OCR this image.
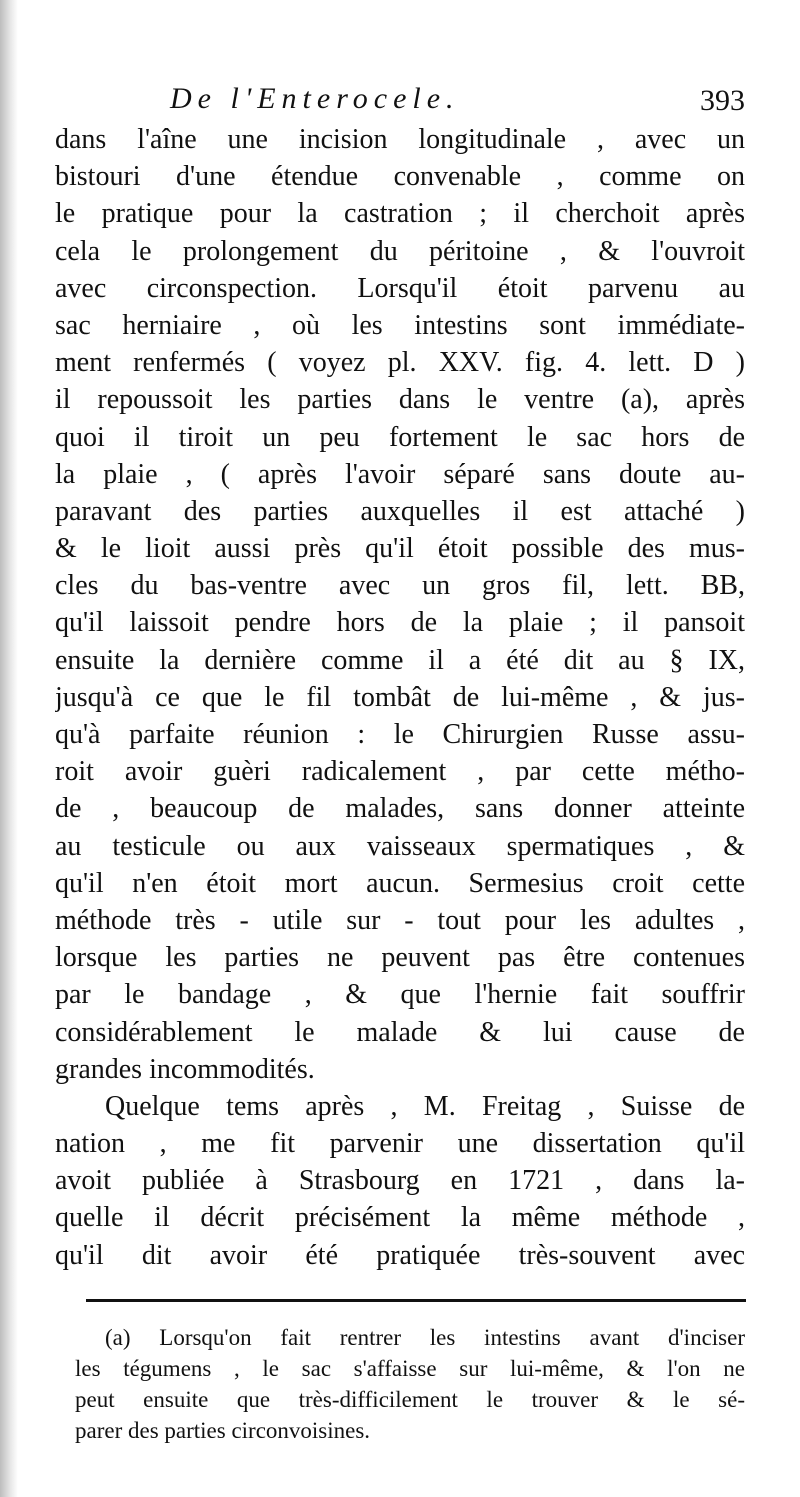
De l'Enterocele.	393
dans l'aîne une incision longitudinale , avec un
bistouri d'une étendue convenable , comme on
le pratique pour la castration ; il cherchoit après
cela le prolongement du péritoine , & l'ouvroit
avec circonspection. Lorsqu'il étoit parvenu au
sac herniaire , où les intestins sont immédiate-
ment renfermés ( voyez pl. XXV. fig. 4. lett. D )
il repoussoit les parties dans le ventre (a), après
quoi il tiroit un peu fortement le sac hors de
la plaie , ( après l'avoir séparé sans doute au-
paravant des parties auxquelles il est attaché )
& le lioit aussi près qu'il étoit possible des mus-
cles du bas-ventre avec un gros fil, lett. BB,
qu'il laissoit pendre hors de la plaie ; il pansoit
ensuite la dernière comme il a été dit au § IX,
jusqu'à ce que le fil tombât de lui-même , & jus-
qu'à parfaite réunion : le Chirurgien Russe assu-
roit avoir guèri radicalement , par cette métho-
de , beaucoup de malades, sans donner atteinte
au testicule ou aux vaisseaux spermatiques , &
qu'il n'en étoit mort aucun. Sermesius croit cette
méthode très - utile sur - tout pour les adultes ,
lorsque les parties ne peuvent pas être contenues
par le bandage , & que l'hernie fait souffrir
considérablement le malade & lui cause de
grandes incommodités.
Quelque tems après , M. Freitag , Suisse de
nation , me fit parvenir une dissertation qu'il
avoit publiée à Strasbourg en 1721 , dans la-
quelle il décrit précisément la même méthode ,
qu'il dit avoir été pratiquée très-souvent avec
(a) Lorsqu'on fait rentrer les intestins avant d'inciser
les tégumens , le sac s'affaisse sur lui-même, & l'on ne
peut ensuite que très-difficilement le trouver & le sé-
parer des parties circonvoisines.
